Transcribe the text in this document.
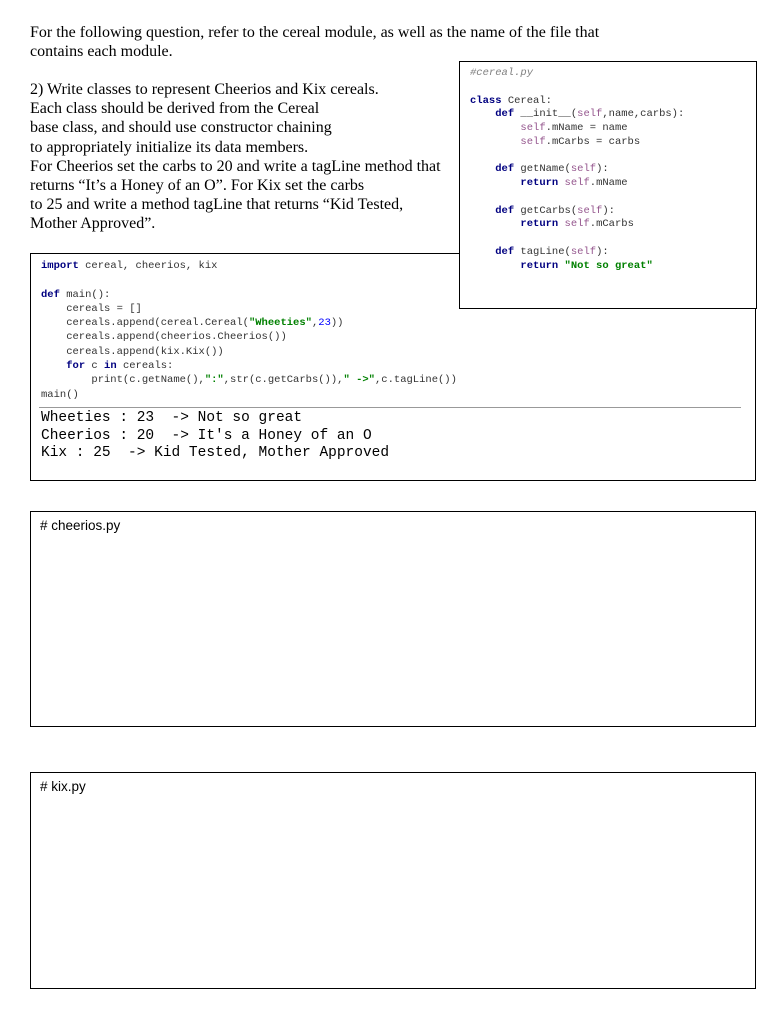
For the following question, refer to the cereal module, as well as the name of the file that contains each module.

2) Write classes to represent Cheerios and Kix cereals.

Each class should be derived from the Cereal

base class, and should use constructor chaining

to appropriately initialize its data members.

For Cheerios set the carbs to 20 and write a tagLine method that

returns “It’s a Honey of an O”. For Kix set the carbs

to 25 and write a method tagLine that returns “Kid Tested,

Mother Approved”.

import cereal, cheerios, kix

def main():
cereals = []
cereals.append(cereal.Cereal("Wheeties",23))
cereals.append(cheerios.Cheerios())
cereals.append(kix.Kix())
for c in cereals:
print(c.getName(),":",str(c.getCarbs())," ->",c.tagLine())
main()
Wheeties : 23  -> Not so great
Cheerios : 20  -> It's a Honey of an O
Kix : 25  -> Kid Tested, Mother Approved
#cereal.py

class Cereal:
def __init__(self,name,carbs):
self.mName = name
self.mCarbs = carbs

def getName(self):
return self.mName

def getCarbs(self):
return self.mCarbs

def tagLine(self):
return "Not so great"
# cheerios.py
# kix.py
